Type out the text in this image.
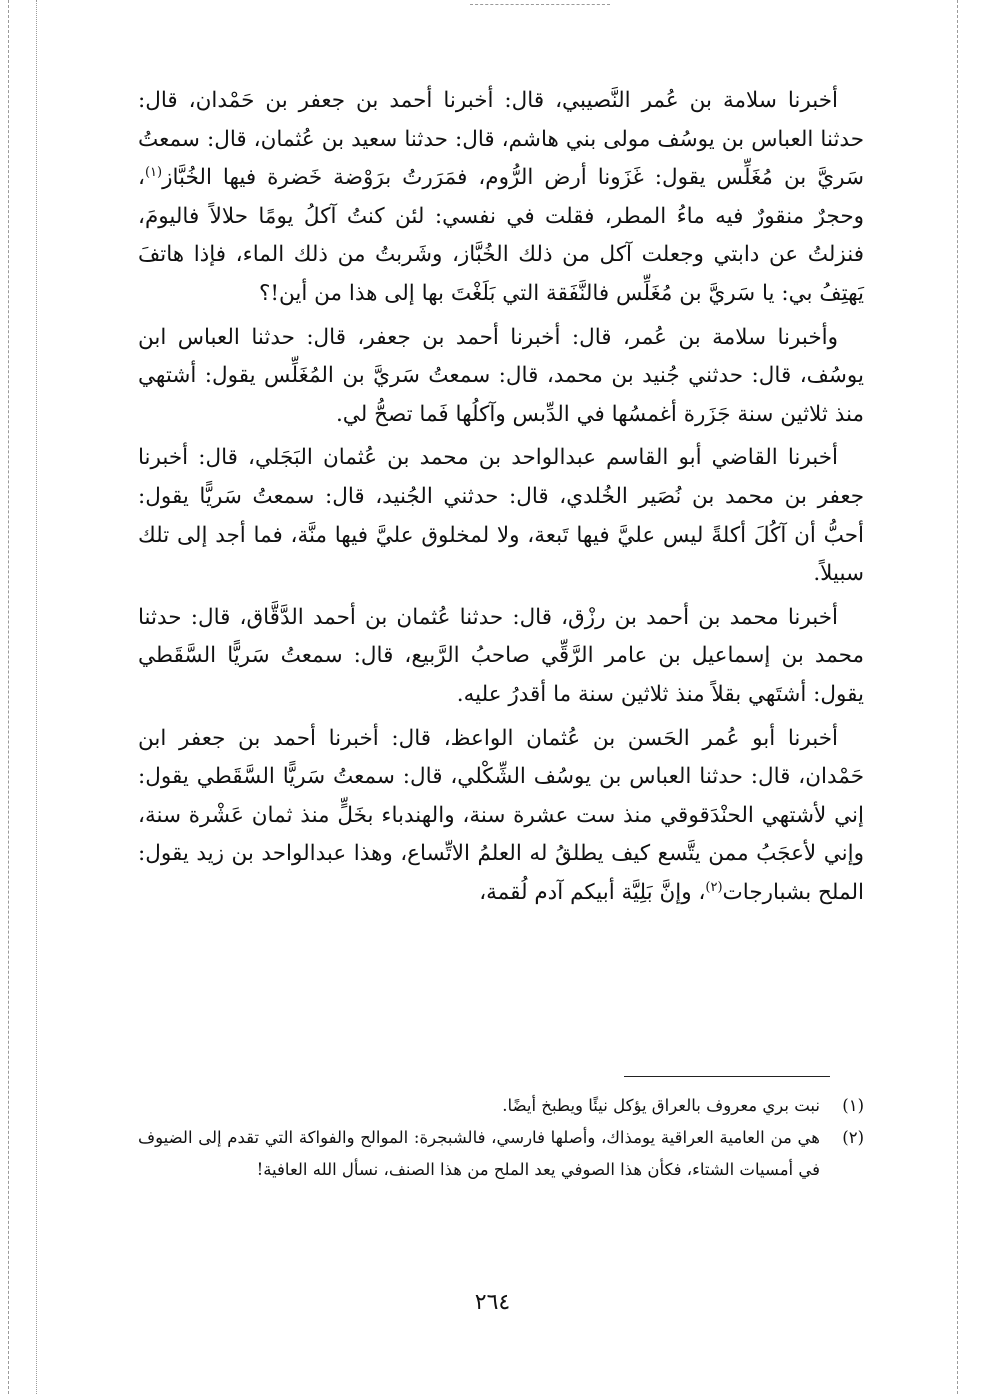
أخبرنا سلامة بن عُمر النَّصيبي، قال: أخبرنا أحمد بن جعفر بن حَمْدان، قال: حدثنا العباس بن يوسُف مولى بني هاشم، قال: حدثنا سعيد بن عُثمان، قال: سمعتُ سَريَّ بن مُغَلِّس يقول: غَزَونا أرض الرُّوم، فمَرَرتُ برَوْضة خَضرة فيها الخُبَّاز$^{(١)}$، وحجرٌ منقورٌ فيه ماءُ المطر، فقلت في نفسي: لئن كنتُ آكلُ يومًا حلالاً فاليومَ، فنزلتُ عن دابتي وجعلت آكل من ذلك الخُبَّاز، وشَربتُ من ذلك الماء، فإذا هاتفَ يَهتِفُ بي: يا سَريَّ بن مُغَلِّس فالنَّفَقة التي بَلَغْتَ بها إلى هذا من أين!؟

وأخبرنا سلامة بن عُمر، قال: أخبرنا أحمد بن جعفر، قال: حدثنا العباس ابن يوسُف، قال: حدثني جُنيد بن محمد، قال: سمعتُ سَريَّ بن المُغَلِّس يقول: أشتهي منذ ثلاثين سنة جَزَرة أغمسُها في الدِّبس وآكلُها فَما تصحُّ لي.

أخبرنا القاضي أبو القاسم عبدالواحد بن محمد بن عُثمان البَجَلي، قال: أخبرنا جعفر بن محمد بن نُصَير الخُلدي، قال: حدثني الجُنيد، قال: سمعتُ سَريًّا يقول: أحبُّ أن آكُلَ أكلةً ليس عليَّ فيها تَبعة، ولا لمخلوق عليَّ فيها منَّة، فما أجد إلى تلك سبيلاً.

أخبرنا محمد بن أحمد بن رزْق، قال: حدثنا عُثمان بن أحمد الدَّقَّاق، قال: حدثنا محمد بن إسماعيل بن عامر الرَّقِّي صاحبُ الرَّبيع، قال: سمعتُ سَريًّا السَّقَطي يقول: أشتَهي بقلاً منذ ثلاثين سنة ما أقدرُ عليه.

أخبرنا أبو عُمر الحَسن بن عُثمان الواعظ، قال: أخبرنا أحمد بن جعفر ابن حَمْدان، قال: حدثنا العباس بن يوسُف الشِّكْلي، قال: سمعتُ سَريًّا السَّقَطي يقول: إني لأشتهي الحنْدَقوقي منذ ست عشرة سنة، والهندباء بخَلٍّ منذ ثمان عَشْرة سنة، وإني لأعجَبُ ممن يتَّسع كيف يطلقُ له العلمُ الاتِّساع، وهذا عبدالواحد بن زيد يقول: الملح بشبارجات$^{(٢)}$، وإنَّ بَلِيَّة أبيكم آدم لُقمة،

(١)
نبت بري معروف بالعراق يؤكل نيئًا ويطبخ أيضًا.
(٢)
هي من العامية العراقية يومذاك، وأصلها فارسي، فالشبجرة: الموالح والفواكة التي تقدم إلى الضيوف في أمسيات الشتاء، فكأن هذا الصوفي يعد الملح من هذا الصنف، نسأل الله العافية!
٢٦٤
